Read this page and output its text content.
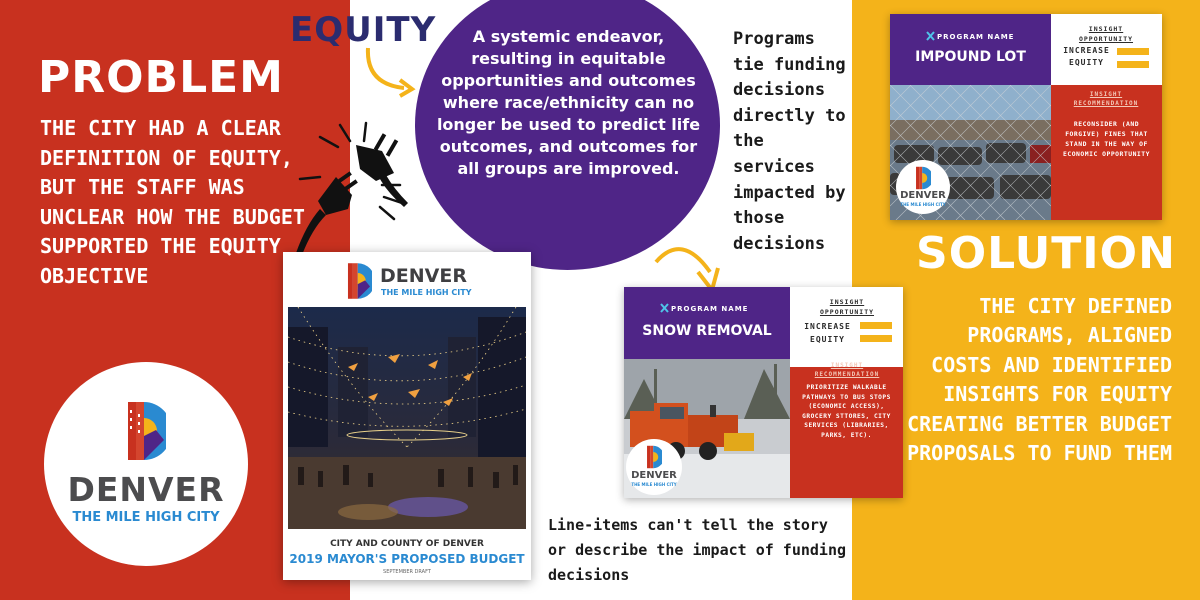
PROBLEM
THE CITY HAD A CLEAR DEFINITION OF EQUITY, BUT THE STAFF WAS UNCLEAR HOW THE BUDGET SUPPORTED THE EQUITY OBJECTIVE
DENVER
THE MILE HIGH CITY
EQUITY	A systemic endeavor, resulting in equitable opportunities and outcomes where race/ethnicity can no longer be used to predict life outcomes, and outcomes for all groups are improved.
Programs tie funding decisions directly to the services impacted by those decisions
DENVER
THE MILE HIGH CITY
CITY AND COUNTY OF DENVER
2019 MAYOR'S PROPOSED BUDGET
SEPTEMBER DRAFT
PROGRAM NAME
SNOW REMOVAL
DENVER
THE MILE HIGH CITY
INSIGHT OPPORTUNITY
INCREASE EQUITY
INSIGHT RECOMMENDATION
PRIORITIZE WALKABLE PATHWAYS TO BUS STOPS (ECONOMIC ACCESS), GROCERY STTORES, CITY SERVICES (LIBRARIES, PARKS, ETC).
PROGRAM NAME
IMPOUND LOT
DENVER
THE MILE HIGH CITY
INSIGHT OPPORTUNITY
INCREASE EQUITY
INSIGHT RECOMMENDATION
RECONSIDER (AND FORGIVE) FINES THAT STAND IN THE WAY OF ECONOMIC OPPORTUNITY
Line-items can't tell the story or describe the impact of funding decisions
SOLUTION
THE CITY DEFINED PROGRAMS, ALIGNED COSTS AND IDENTIFIED INSIGHTS FOR EQUITY CREATING BETTER BUDGET PROPOSALS TO FUND THEM
